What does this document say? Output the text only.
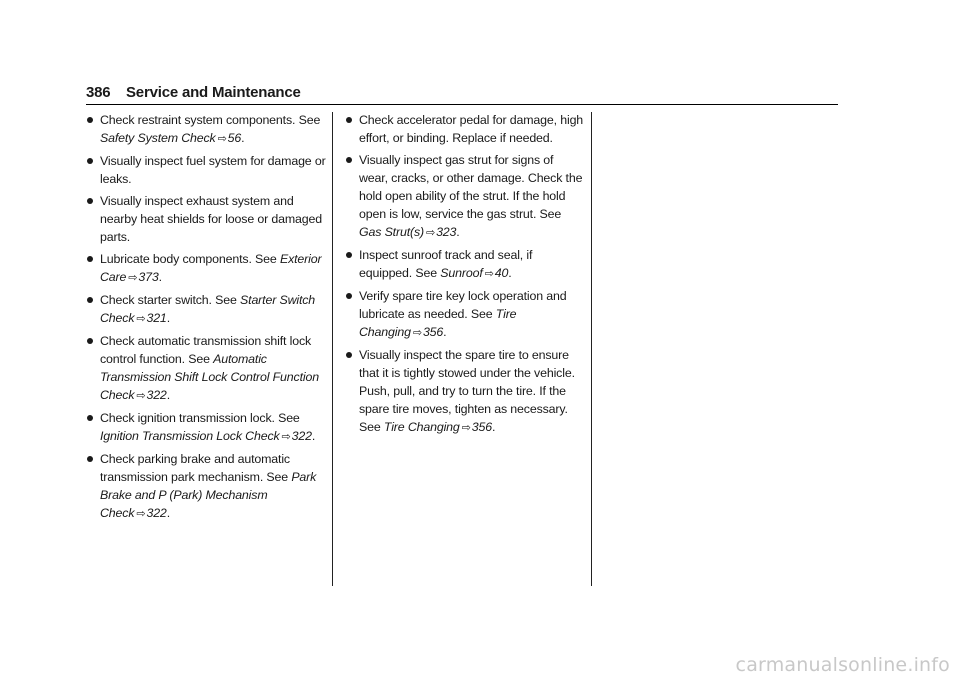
386 Service and Maintenance
Check restraint system components. See Safety System Check ⇨56.
Visually inspect fuel system for damage or leaks.
Visually inspect exhaust system and nearby heat shields for loose or damaged parts.
Lubricate body components. See Exterior Care ⇨373.
Check starter switch. See Starter Switch Check ⇨321.
Check automatic transmission shift lock control function. See Automatic Transmission Shift Lock Control Function Check ⇨322.
Check ignition transmission lock. See Ignition Transmission Lock Check ⇨322.
Check parking brake and automatic transmission park mechanism. See Park Brake and P (Park) Mechanism Check ⇨322.
Check accelerator pedal for damage, high effort, or binding. Replace if needed.
Visually inspect gas strut for signs of wear, cracks, or other damage. Check the hold open ability of the strut. If the hold open is low, service the gas strut. See Gas Strut(s) ⇨323.
Inspect sunroof track and seal, if equipped. See Sunroof ⇨40.
Verify spare tire key lock operation and lubricate as needed. See Tire Changing ⇨356.
Visually inspect the spare tire to ensure that it is tightly stowed under the vehicle. Push, pull, and try to turn the tire. If the spare tire moves, tighten as necessary. See Tire Changing ⇨356.
carmanualsonline.info
